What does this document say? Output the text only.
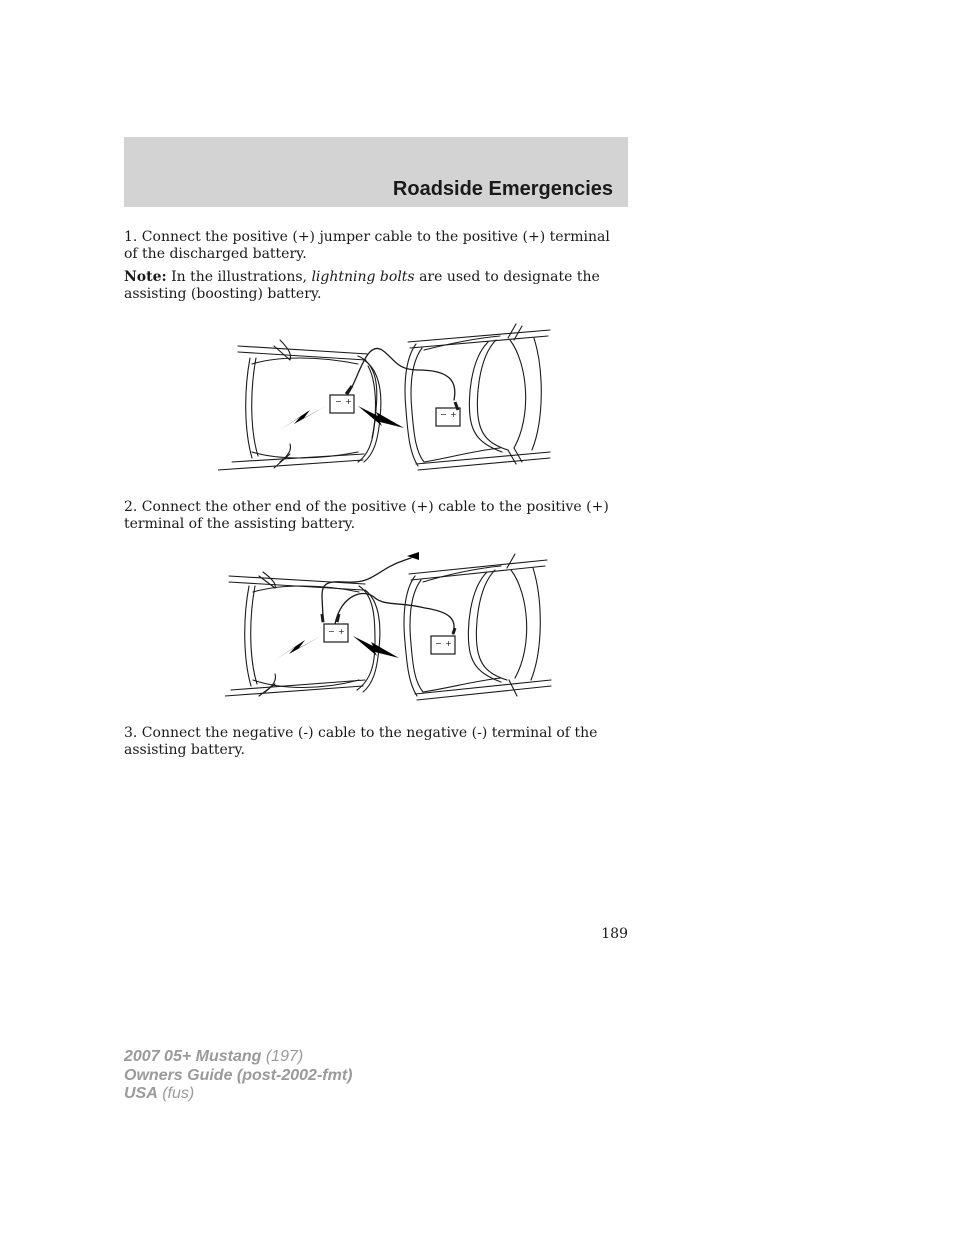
Roadside Emergencies

1. Connect the positive (+) jumper cable to the positive (+) terminal of the discharged battery.

Note: In the illustrations, lightning bolts are used to designate the assisting (boosting) battery.

− +
− +

2. Connect the other end of the positive (+) cable to the positive (+) terminal of the assisting battery.

− +
− +

3. Connect the negative (-) cable to the negative (-) terminal of the assisting battery.

189
2007 05+ Mustang (197)
Owners Guide (post-2002-fmt)
USA (fus)
